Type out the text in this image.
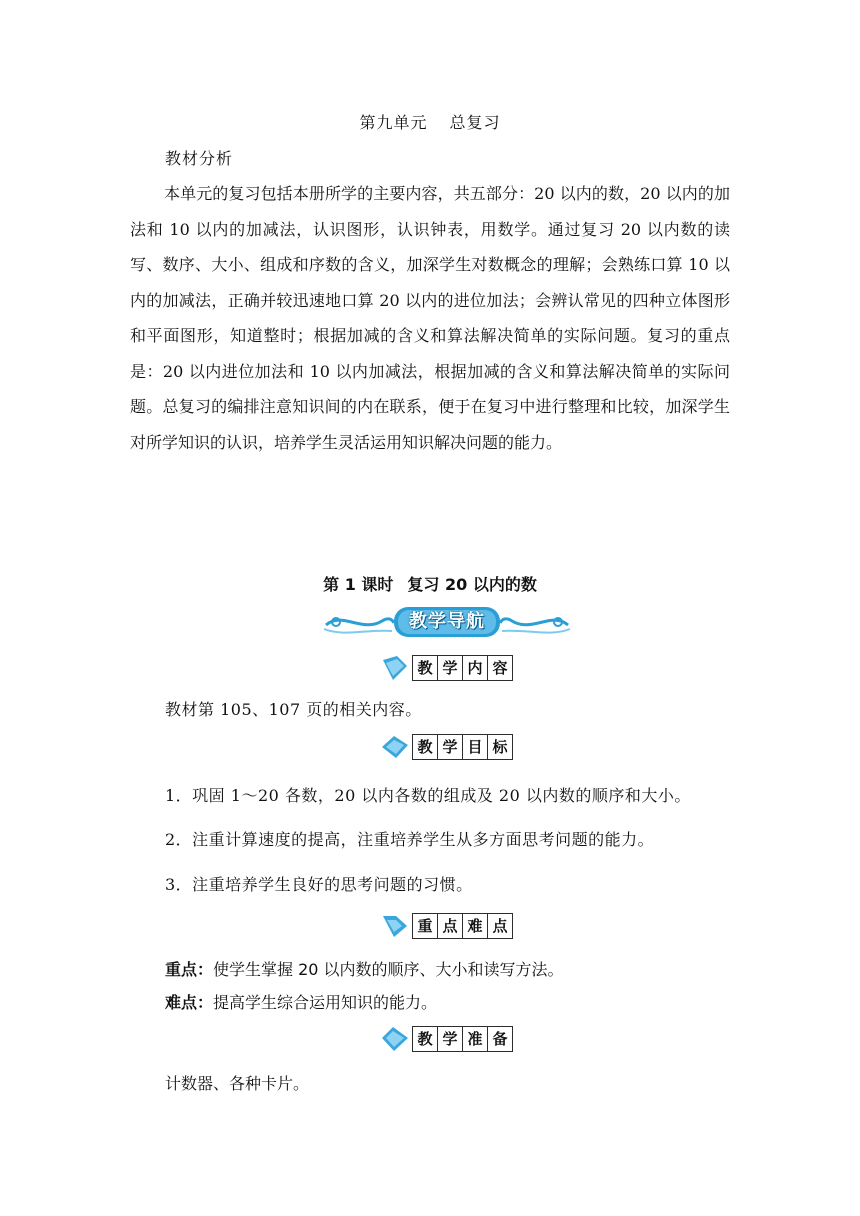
第九单元 总复习
教材分析

本单元的复习包括本册所学的主要内容，共五部分：20 以内的数，20 以内的加法和 10 以内的加减法，认识图形，认识钟表，用数学。通过复习 20 以内数的读写、数序、大小、组成和序数的含义，加深学生对数概念的理解；会熟练口算 10 以内的加减法，正确并较迅速地口算 20 以内的进位加法；会辨认常见的四种立体图形和平面图形，知道整时；根据加减的含义和算法解决简单的实际问题。复习的重点是：20 以内进位加法和 10 以内加减法，根据加减的含义和算法解决简单的实际问题。总复习的编排注意知识间的内在联系，便于在复习中进行整理和比较，加深学生对所学知识的认识，培养学生灵活运用知识解决问题的能力。

第 1 课时 复习 20 以内的数
教学导航
教 学 内 容
教材第 105、107 页的相关内容。
教 学 目 标
1．巩固 1～20 各数，20 以内各数的组成及 20 以内数的顺序和大小。
2．注重计算速度的提高，注重培养学生从多方面思考问题的能力。
3．注重培养学生良好的思考问题的习惯。
重 点 难 点
重点：使学生掌握 20 以内数的顺序、大小和读写方法。
难点：提高学生综合运用知识的能力。
教 学 准 备
计数器、各种卡片。
